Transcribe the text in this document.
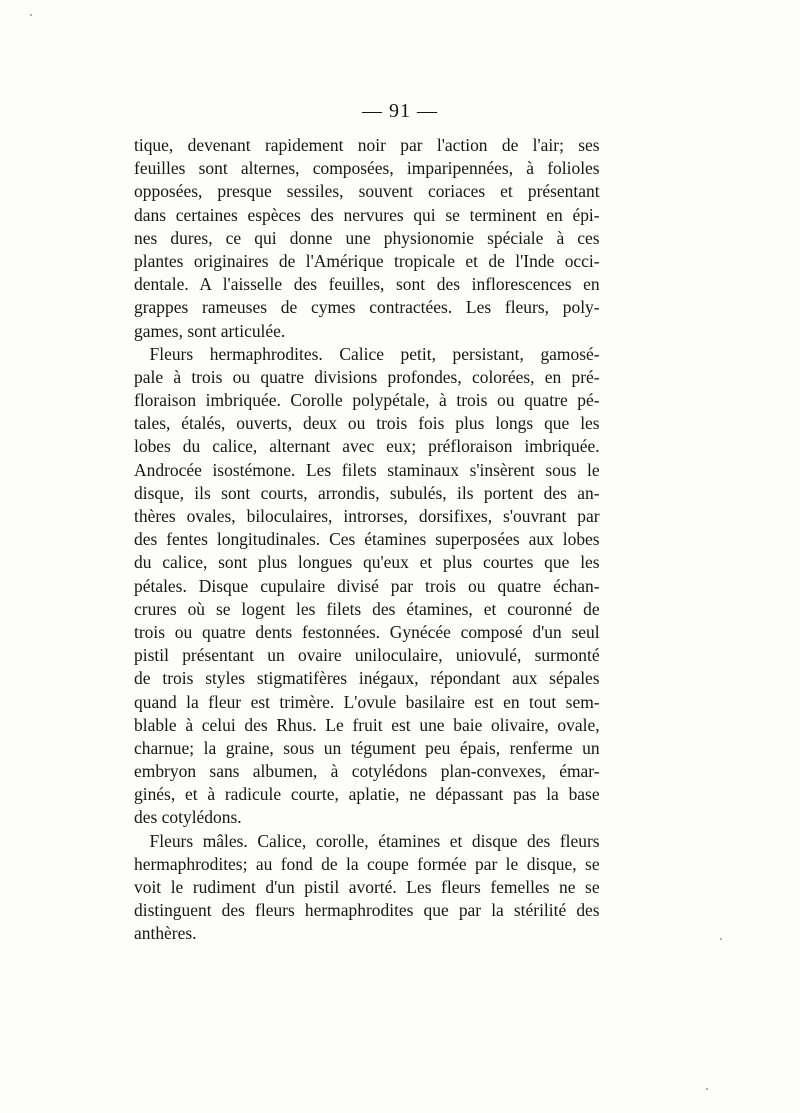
— 91 —
tique, devenant rapidement noir par l'action de l'air; ses
feuilles sont alternes, composées, imparipennées, à folioles
opposées, presque sessiles, souvent coriaces et présentant
dans certaines espèces des nervures qui se terminent en épi-
nes dures, ce qui donne une physionomie spéciale à ces
plantes originaires de l'Amérique tropicale et de l'Inde occi-
dentale. A l'aisselle des feuilles, sont des inflorescences en
grappes rameuses de cymes contractées. Les fleurs, poly-
games, sont articulée.
Fleurs hermaphrodites. Calice petit, persistant, gamosé-
pale à trois ou quatre divisions profondes, colorées, en pré-
floraison imbriquée. Corolle polypétale, à trois ou quatre pé-
tales, étalés, ouverts, deux ou trois fois plus longs que les
lobes du calice, alternant avec eux; préfloraison imbriquée.
Androcée isostémone. Les filets staminaux s'insèrent sous le
disque, ils sont courts, arrondis, subulés, ils portent des an-
thères ovales, biloculaires, introrses, dorsifixes, s'ouvrant par
des fentes longitudinales. Ces étamines superposées aux lobes
du calice, sont plus longues qu'eux et plus courtes que les
pétales. Disque cupulaire divisé par trois ou quatre échan-
crures où se logent les filets des étamines, et couronné de
trois ou quatre dents festonnées. Gynécée composé d'un seul
pistil présentant un ovaire uniloculaire, uniovulé, surmonté
de trois styles stigmatifères inégaux, répondant aux sépales
quand la fleur est trimère. L'ovule basilaire est en tout sem-
blable à celui des Rhus. Le fruit est une baie olivaire, ovale,
charnue; la graine, sous un tégument peu épais, renferme un
embryon sans albumen, à cotylédons plan-convexes, émar-
ginés, et à radicule courte, aplatie, ne dépassant pas la base
des cotylédons.
Fleurs mâles. Calice, corolle, étamines et disque des fleurs
hermaphrodites; au fond de la coupe formée par le disque, se
voit le rudiment d'un pistil avorté. Les fleurs femelles ne se
distinguent des fleurs hermaphrodites que par la stérilité des
anthères.
